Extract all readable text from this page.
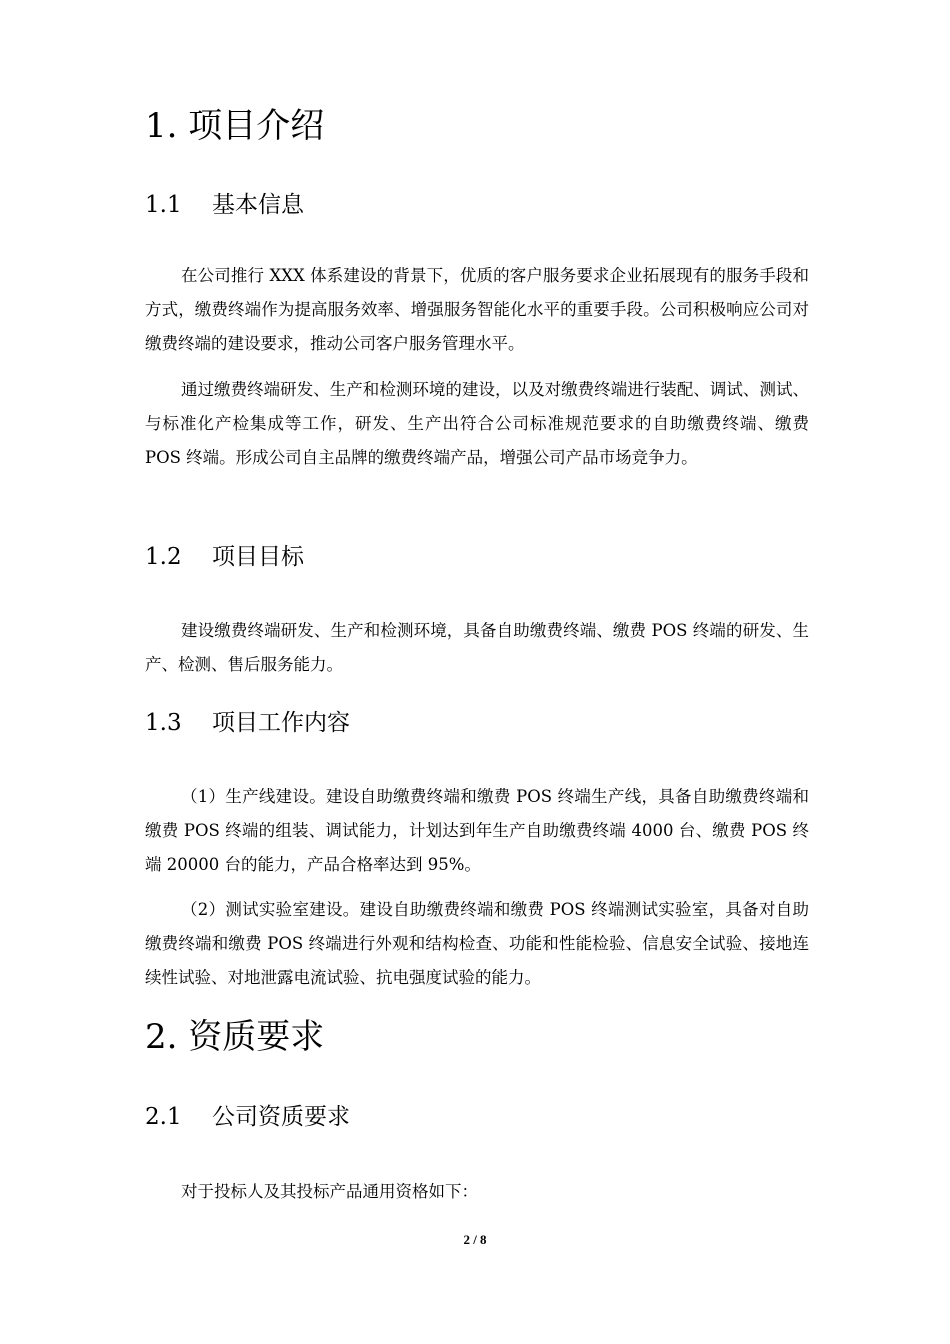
1. 项目介绍
1.1 基本信息

在公司推行 XXX 体系建设的背景下，优质的客户服务要求企业拓展现有的服务手段和方式，缴费终端作为提高服务效率、增强服务智能化水平的重要手段。公司积极响应公司对缴费终端的建设要求，推动公司客户服务管理水平。

通过缴费终端研发、生产和检测环境的建设，以及对缴费终端进行装配、调试、测试、与标准化产检集成等工作，研发、生产出符合公司标准规范要求的自助缴费终端、缴费 POS 终端。形成公司自主品牌的缴费终端产品，增强公司产品市场竞争力。

1.2 项目目标

建设缴费终端研发、生产和检测环境，具备自助缴费终端、缴费 POS 终端的研发、生产、检测、售后服务能力。

1.3 项目工作内容

（1）生产线建设。建设自助缴费终端和缴费 POS 终端生产线，具备自助缴费终端和缴费 POS 终端的组装、调试能力，计划达到年生产自助缴费终端 4000 台、缴费 POS 终端 20000 台的能力，产品合格率达到 95%。

（2）测试实验室建设。建设自助缴费终端和缴费 POS 终端测试实验室，具备对自助缴费终端和缴费 POS 终端进行外观和结构检查、功能和性能检验、信息安全试验、接地连续性试验、对地泄露电流试验、抗电强度试验的能力。

2. 资质要求
2.1 公司资质要求

对于投标人及其投标产品通用资格如下：

2 / 8
